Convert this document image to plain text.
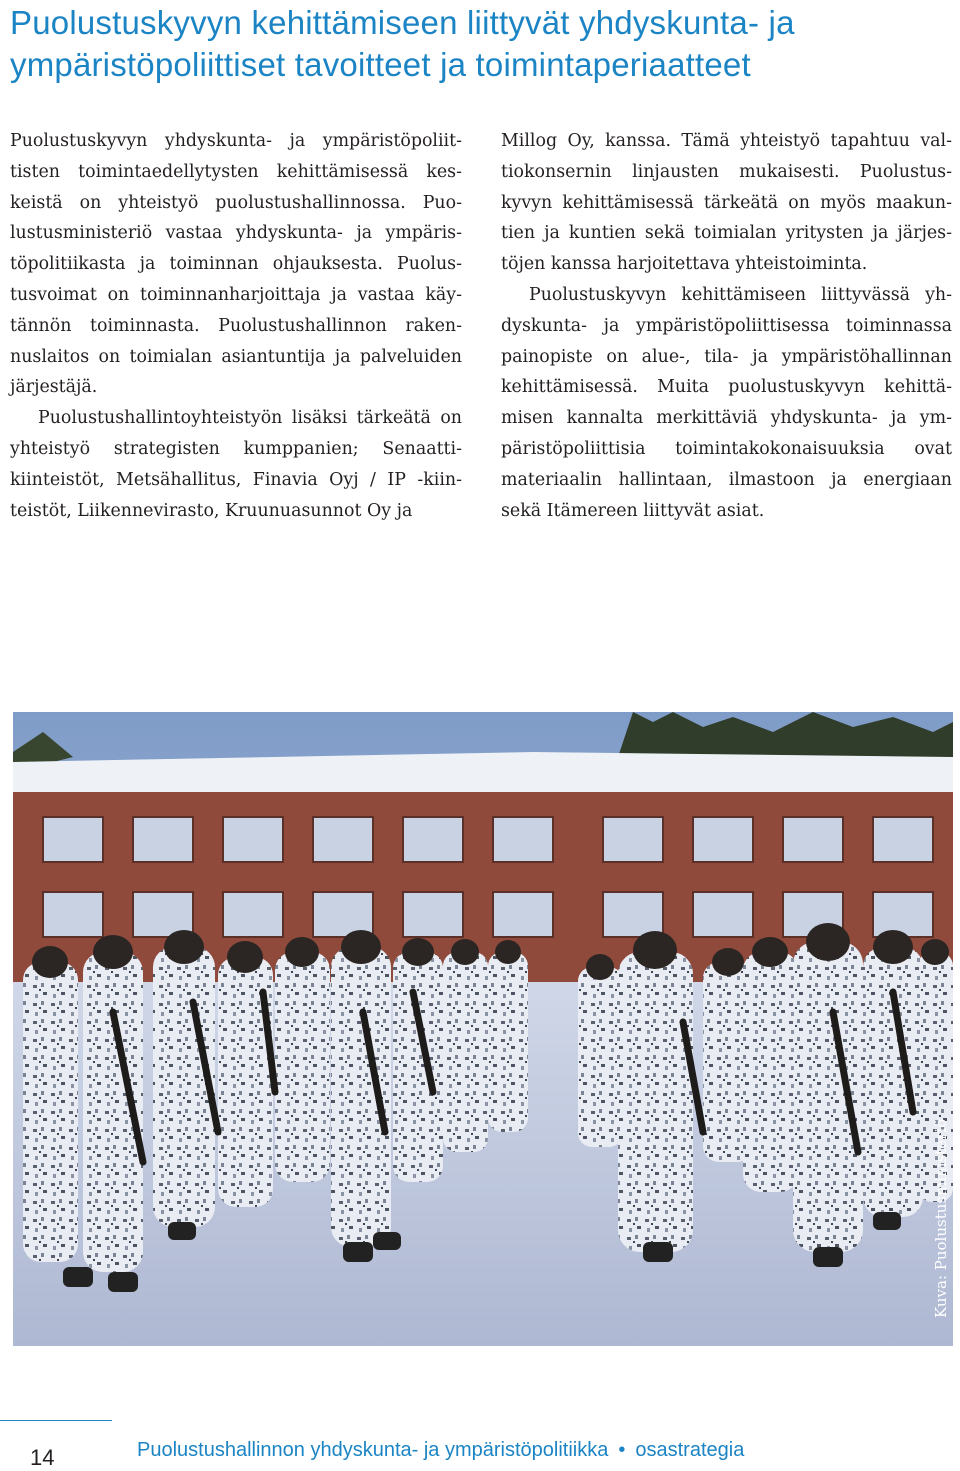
Puolustuskyvyn kehittämiseen liittyvät yhdyskunta- ja ympäristöpoliittiset tavoitteet ja toimintaperiaatteet

Puolustuskyvyn yhdyskunta- ja ympäristöpoliittisten toimintaedellytysten kehittämisessä keskeistä on yhteistyö puolustushallinnossa. Puolustusministeriö vastaa yhdyskunta- ja ympäristöpolitiikasta ja toiminnan ohjauksesta. Puolustusvoimat on toiminnanharjoittaja ja vastaa käytännön toiminnasta. Puolustushallinnon rakennuslaitos on toimialan asiantuntija ja palveluiden järjestäjä.

Puolustushallintoyhteistyön lisäksi tärkeätä on yhteistyö strategisten kumppanien; Senaattikiinteistöt, Metsähallitus, Finavia Oyj / IP -kiinteistöt, Liikennevirasto, Kruunuasunnot Oy ja

Millog Oy, kanssa. Tämä yhteistyö tapahtuu valtiokonsernin linjausten mukaisesti. Puolustuskyvyn kehittämisessä tärkeätä on myös maakuntien ja kuntien sekä toimialan yritysten ja järjestöjen kanssa harjoitettava yhteistoiminta.

Puolustuskyvyn kehittämiseen liittyvässä yhdyskunta- ja ympäristöpoliittisessa toiminnassa painopiste on alue-, tila- ja ympäristöhallinnan kehittämisessä. Muita puolustuskyvyn kehittämisen kannalta merkittäviä yhdyskunta- ja ympäristöpoliittisia toimintakokonaisuuksia ovat materiaalin hallintaan, ilmastoon ja energiaan sekä Itämereen liittyvät asiat.

Kuva: Puolustusministeriö
14	Puolustushallinnon yhdyskunta- ja ympäristöpolitiikka • osastrategia
